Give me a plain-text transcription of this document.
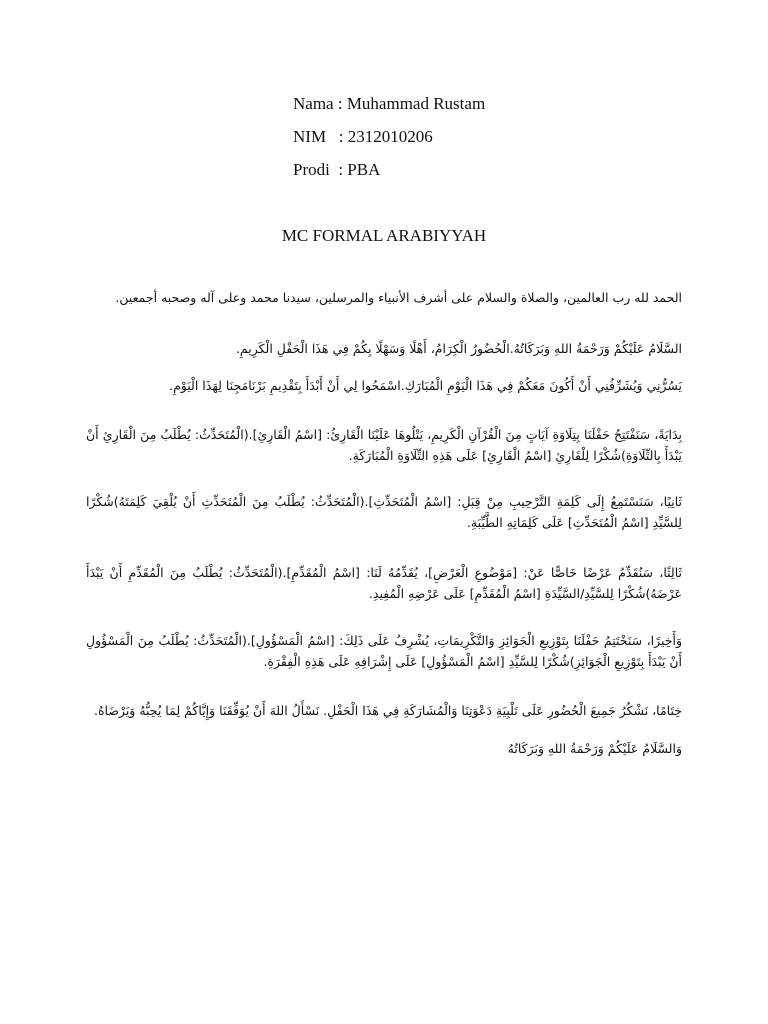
Nama : Muhammad Rustam
NIM   : 2312010206
Prodi  : PBA
MC FORMAL ARABIYYAH

الحمد لله رب العالمين، والصلاة والسلام على أشرف الأنبياء والمرسلين، سيدنا محمد وعلى آله وصحبه أجمعين.

السَّلَامُ عَلَيْكُمْ وَرَحْمَةُ اللهِ وَبَرَكَاتُهُ.الْحُضُورُ الْكِرَامُ، أَهْلًا وَسَهْلًا بِكُمْ فِي هَذَا الْحَفْلِ الْكَرِيمِ.

يَسُرُّنِي وَيُشَرِّفُنِي أَنْ أَكُونَ مَعَكُمْ فِي هَذَا الْيَوْمِ الْمُبَارَكِ.اسْمَحُوا لِي أَنْ أَبْدَأَ بِتَقْدِيمِ بَرْنَامَجِنَا لِهَذَا الْيَوْمِ.

بِدَايَةً، سَنَفْتَتِحُ حَفْلَنَا بِتِلَاوَةِ آيَاتٍ مِنَ الْقُرْآنِ الْكَرِيمِ، يَتْلُوهَا عَلَيْنَا الْقَارِئُ: [اسْمُ الْقَارِئِ].(الْمُتَحَدِّثُ: يُطْلَبُ مِنَ الْقَارِئِ أَنْ يَبْدَأَ بِالتِّلَاوَةِ)شُكْرًا لِلْقَارِئِ [اسْمُ الْقَارِئِ] عَلَى هَذِهِ التِّلَاوَةِ الْمُبَارَكَةِ.

ثَانِيًا، سَنَسْتَمِعُ إِلَى كَلِمَةِ التَّرْحِيبِ مِنْ قِبَلِ: [اسْمُ الْمُتَحَدِّثِ].(الْمُتَحَدِّثُ: يُطْلَبُ مِنَ الْمُتَحَدِّثِ أَنْ يُلْقِيَ كَلِمَتَهُ)شُكْرًا لِلسَّيِّدِ [اسْمُ الْمُتَحَدِّثِ] عَلَى كَلِمَاتِهِ الطَّيِّبَةِ.

ثَالِثًا، سَنُقَدِّمُ عَرْضًا خَاصًّا عَنْ: [مَوْضُوعِ الْعَرْضِ]، يُقَدِّمُهُ لَنَا: [اسْمُ الْمُقَدِّمِ].(الْمُتَحَدِّثُ: يُطْلَبُ مِنَ الْمُقَدِّمِ أَنْ يَبْدَأَ عَرْضَهُ)شُكْرًا لِلسَّيِّدِ/السَّيِّدَةِ [اسْمُ الْمُقَدِّمِ] عَلَى عَرْضِهِ الْمُفِيدِ.

وَأَخِيرًا، سَنَخْتَتِمُ حَفْلَنَا بِتَوْزِيعِ الْجَوَائِزِ وَالتَّكْرِيمَاتِ، يُشْرِفُ عَلَى ذَلِكَ: [اسْمُ الْمَسْؤُولِ].(الْمُتَحَدِّثُ: يُطْلَبُ مِنَ الْمَسْؤُولِ أَنْ يَبْدَأَ بِتَوْزِيعِ الْجَوَائِزِ)شُكْرًا لِلسَّيِّدِ [اسْمُ الْمَسْؤُولِ] عَلَى إِشْرَافِهِ عَلَى هَذِهِ الْفِقْرَةِ.

خِتَامًا، نَشْكُرُ جَمِيعَ الْحُضُورِ عَلَى تَلْبِيَةِ دَعْوَتِنَا وَالْمُشَارَكَةِ فِي هَذَا الْحَفْلِ. نَسْأَلُ اللهَ أَنْ يُوَفِّقَنَا وَإِيَّاكُمْ لِمَا يُحِبُّهُ وَيَرْضَاهُ.

وَالسَّلَامُ عَلَيْكُمْ وَرَحْمَةُ اللهِ وَبَرَكَاتُهُ
